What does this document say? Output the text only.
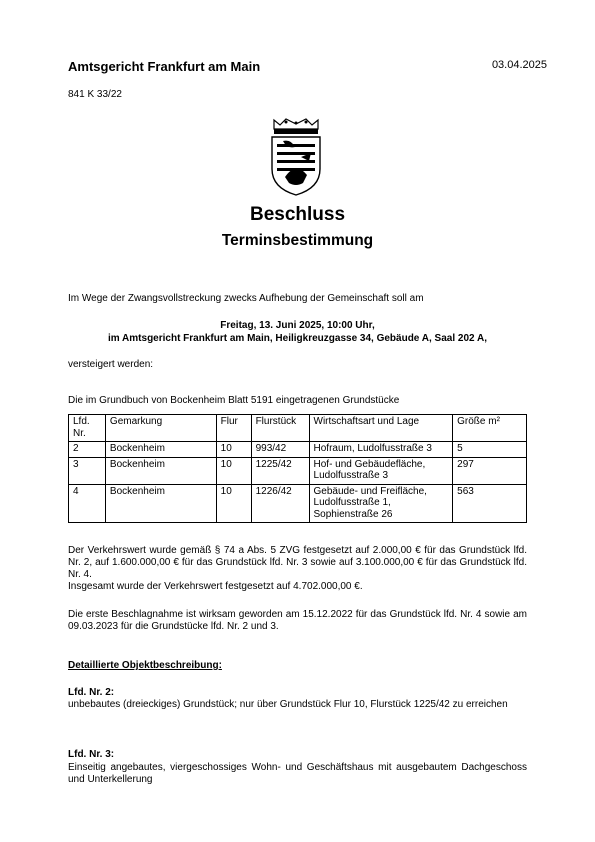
Amtsgericht Frankfurt am Main	03.04.2025
841 K 33/22
Beschluss
Terminsbestimmung
Im Wege der Zwangsvollstreckung zwecks Aufhebung der Gemeinschaft soll am
Freitag, 13. Juni 2025, 10:00 Uhr,
im Amtsgericht Frankfurt am Main, Heiligkreuzgasse 34, Gebäude A, Saal 202 A,
versteigert werden:
Die im Grundbuch von Bockenheim Blatt 5191 eingetragenen Grundstücke
Lfd. Nr.	Gemarkung	Flur	Flurstück	Wirtschaftsart und Lage	Größe m²
2	Bockenheim	10	993/42	Hofraum, Ludolfusstraße 3	5
3	Bockenheim	10	1225/42	Hof- und Gebäudefläche, Ludolfusstraße 3	297
4	Bockenheim	10	1226/42	Gebäude- und Freifläche, Ludolfusstraße 1, Sophienstraße 26	563
Der Verkehrswert wurde gemäß § 74 a Abs. 5 ZVG festgesetzt auf 2.000,00 € für das Grundstück lfd. Nr. 2, auf 1.600.000,00 € für das Grundstück lfd. Nr. 3 sowie auf 3.100.000,00 € für das Grundstück lfd. Nr. 4.
Insgesamt wurde der Verkehrswert festgesetzt auf 4.702.000,00 €.
Die erste Beschlagnahme ist wirksam geworden am 15.12.2022 für das Grundstück lfd. Nr. 4 sowie am 09.03.2023 für die Grundstücke lfd. Nr. 2 und 3.
Detaillierte Objektbeschreibung:
Lfd. Nr. 2:
unbebautes (dreieckiges) Grundstück; nur über Grundstück Flur 10, Flurstück 1225/42 zu erreichen
Lfd. Nr. 3:
Einseitig angebautes, viergeschossiges Wohn- und Geschäftshaus mit ausgebautem Dachgeschoss und Unterkellerung
